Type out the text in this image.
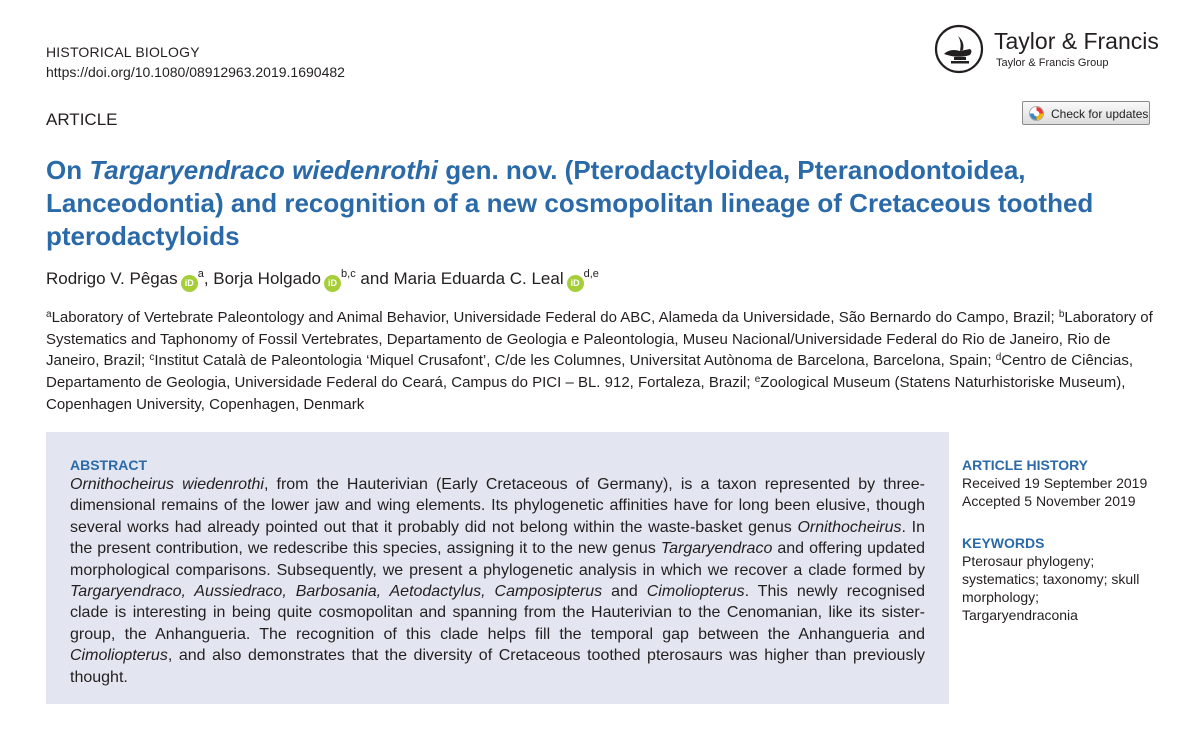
HISTORICAL BIOLOGY
https://doi.org/10.1080/08912963.2019.1690482
Taylor & Francis
Taylor & Francis Group
Check for updates
ARTICLE
On Targaryendraco wiedenrothi gen. nov. (Pterodactyloidea, Pteranodontoidea, Lanceodontia) and recognition of a new cosmopolitan lineage of Cretaceous toothed pterodactyloids
Rodrigo V. Pêgas iD$^a$, Borja Holgado iD$^{b,c}$ and Maria Eduarda C. Leal iD$^{d,e}$

$^a$Laboratory of Vertebrate Paleontology and Animal Behavior, Universidade Federal do ABC, Alameda da Universidade, São Bernardo do Campo, Brazil; $^b$Laboratory of Systematics and Taphonomy of Fossil Vertebrates, Departamento de Geologia e Paleontologia, Museu Nacional/Universidade Federal do Rio de Janeiro, Rio de Janeiro, Brazil; $^c$Institut Català de Paleontologia ‘Miquel Crusafont’, C/de les Columnes, Universitat Autònoma de Barcelona, Barcelona, Spain; $^d$Centro de Ciências, Departamento de Geologia, Universidade Federal do Ceará, Campus do PICI – BL. 912, Fortaleza, Brazil; $^e$Zoological Museum (Statens Naturhistoriske Museum), Copenhagen University, Copenhagen, Denmark

ABSTRACT

Ornithocheirus wiedenrothi, from the Hauterivian (Early Cretaceous of Germany), is a taxon represented by three-dimensional remains of the lower jaw and wing elements. Its phylogenetic affinities have for long been elusive, though several works had already pointed out that it probably did not belong within the waste-basket genus Ornithocheirus. In the present contribution, we redescribe this species, assigning it to the new genus Targaryendraco and offering updated morphological comparisons. Subsequently, we present a phylogenetic analysis in which we recover a clade formed by Targaryendraco, Aussiedraco, Barbosania, Aetodactylus, Camposipterus and Cimoliopterus. This newly recognised clade is interesting in being quite cosmopolitan and spanning from the Hauterivian to the Cenomanian, like its sister-group, the Anhangueria. The recognition of this clade helps fill the temporal gap between the Anhangueria and Cimoliopterus, and also demonstrates that the diversity of Cretaceous toothed pterosaurs was higher than previously thought.

ARTICLE HISTORY
Received 19 September 2019
Accepted 5 November 2019
KEYWORDS
Pterosaur phylogeny;
systematics; taxonomy; skull
morphology;
Targaryendraconia
